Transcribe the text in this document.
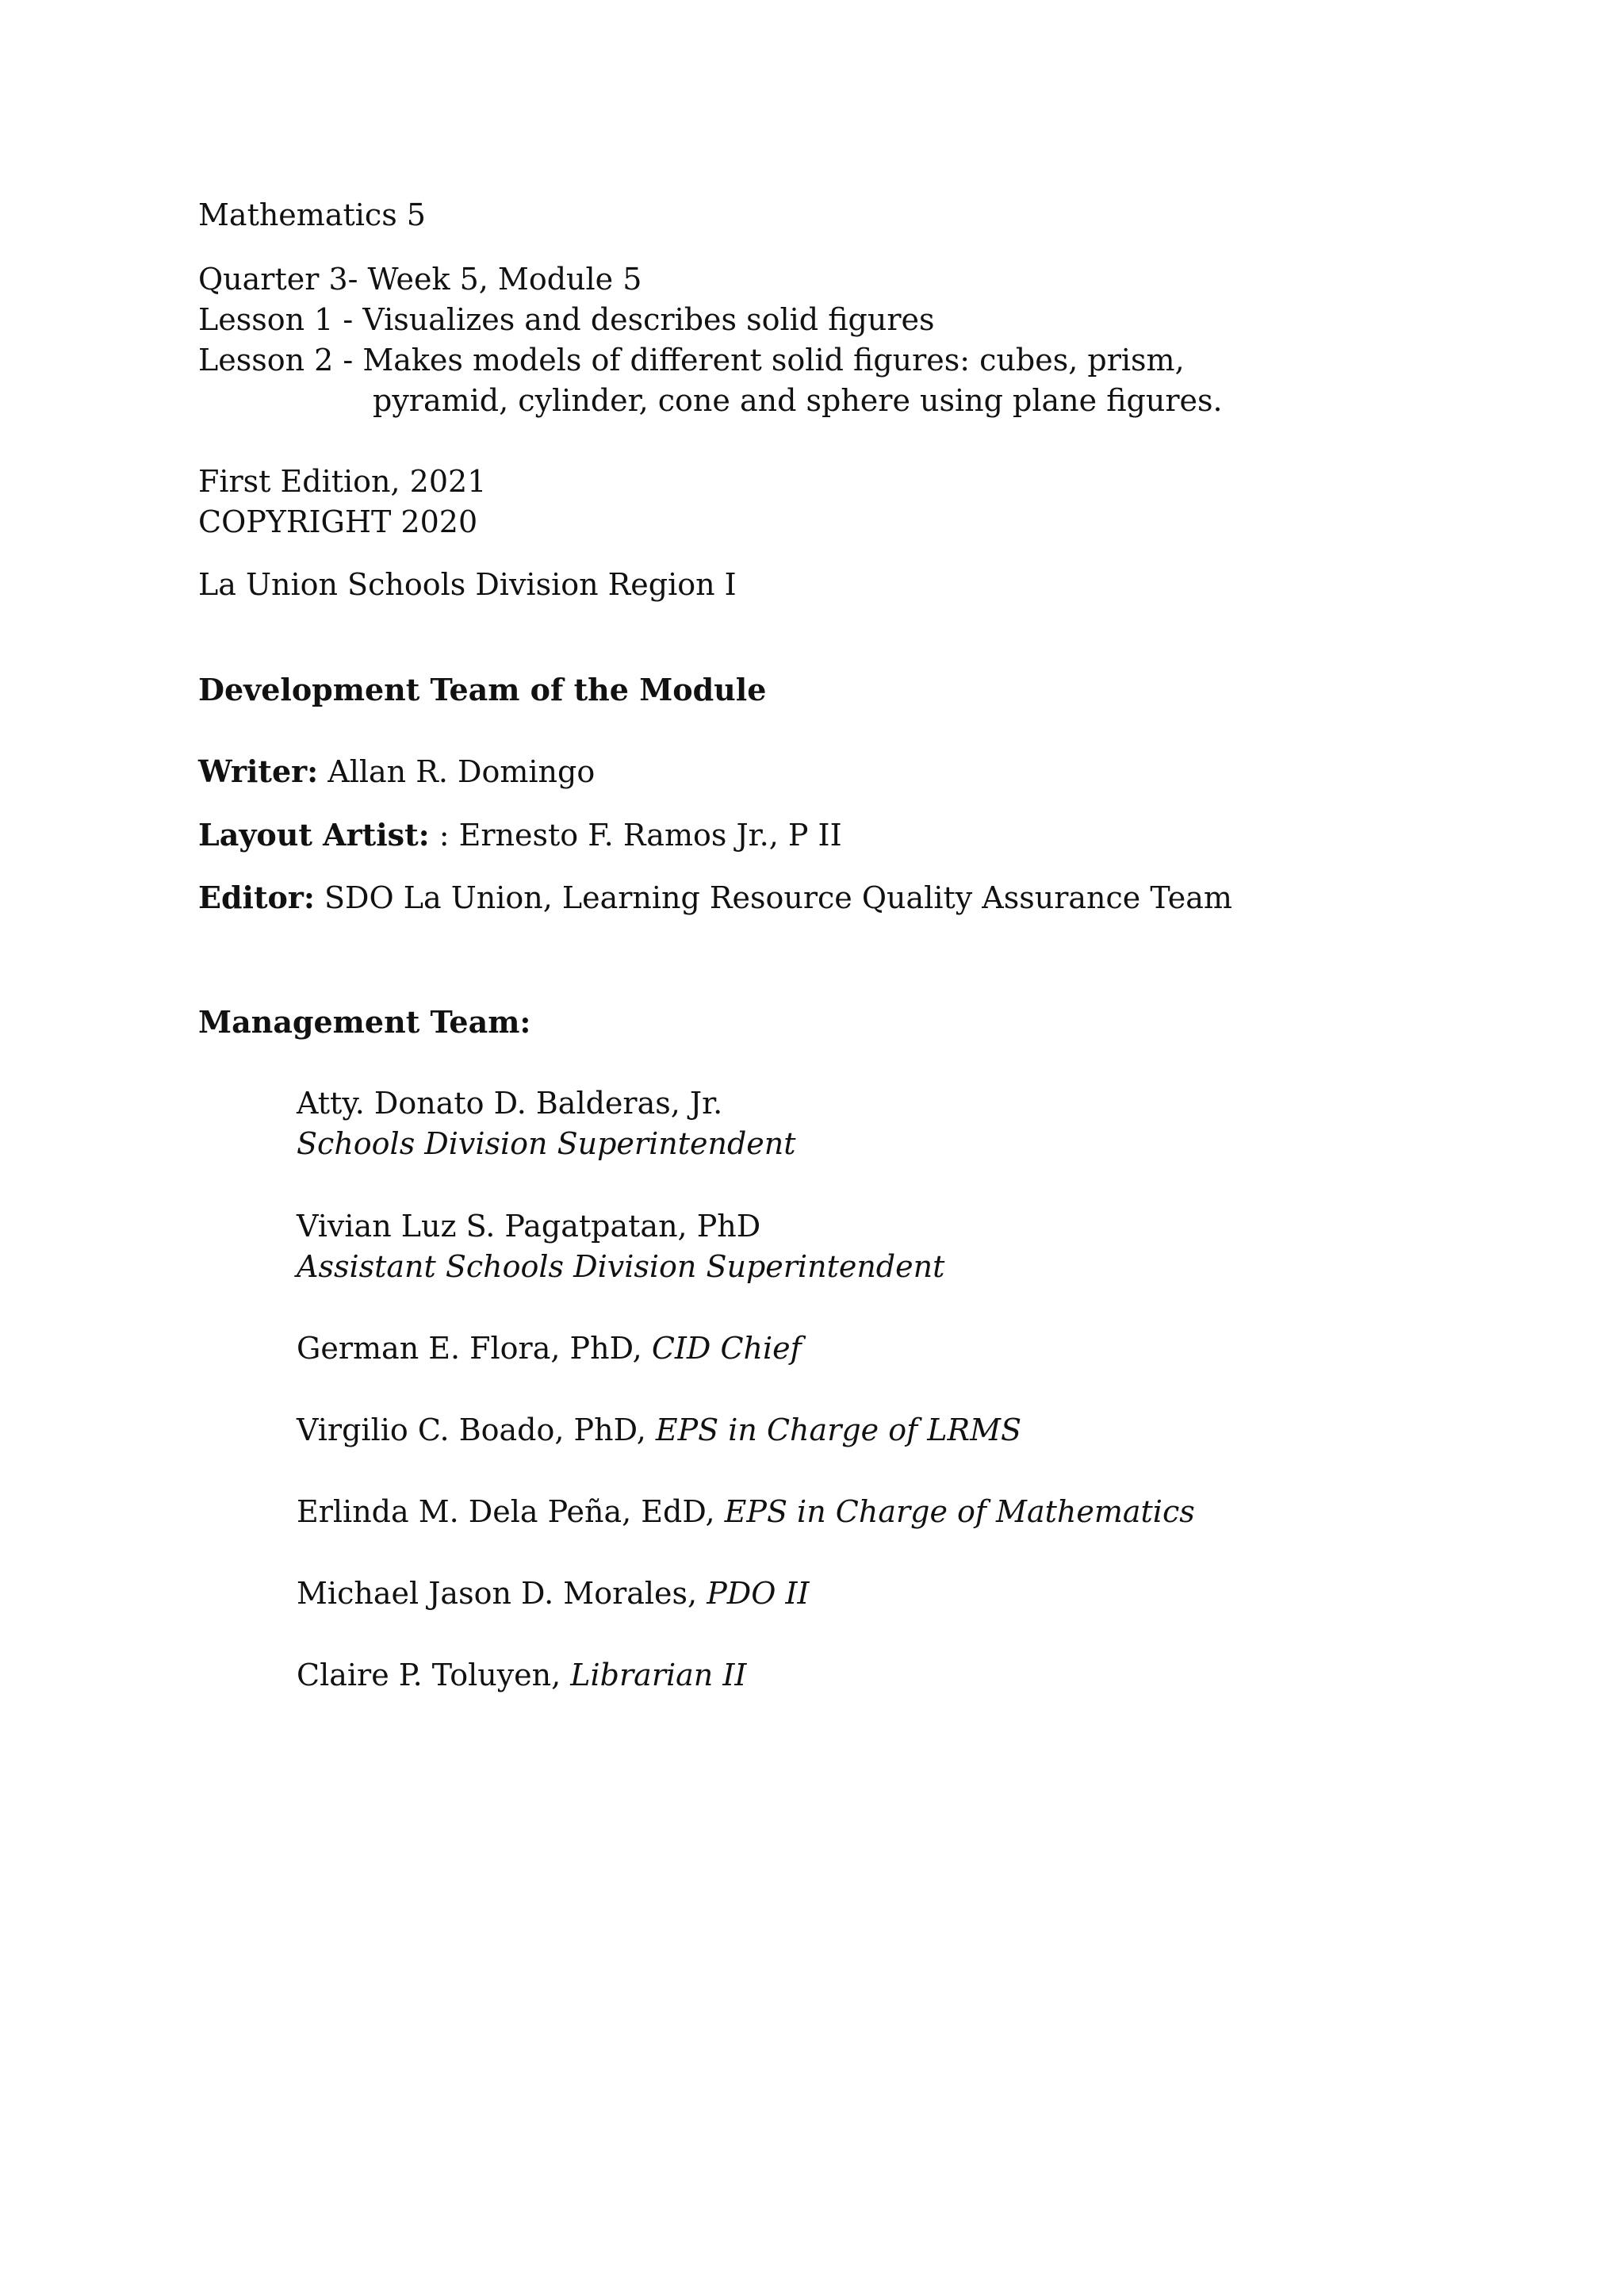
Mathematics 5
Quarter 3- Week 5, Module 5
Lesson 1 - Visualizes and describes solid figures
Lesson 2 - Makes models of different solid figures: cubes, prism,
pyramid, cylinder, cone and sphere using plane figures.
First Edition, 2021
COPYRIGHT 2020
La Union Schools Division Region I
Development Team of the Module
Writer: Allan R. Domingo
Layout Artist: : Ernesto F. Ramos Jr., P II
Editor: SDO La Union, Learning Resource Quality Assurance Team
Management Team:
Atty. Donato D. Balderas, Jr.
Schools Division Superintendent
Vivian Luz S. Pagatpatan, PhD
Assistant Schools Division Superintendent
German E. Flora, PhD, CID Chief
Virgilio C. Boado, PhD, EPS in Charge of LRMS
Erlinda M. Dela Peña, EdD, EPS in Charge of Mathematics
Michael Jason D. Morales, PDO II
Claire P. Toluyen, Librarian II
